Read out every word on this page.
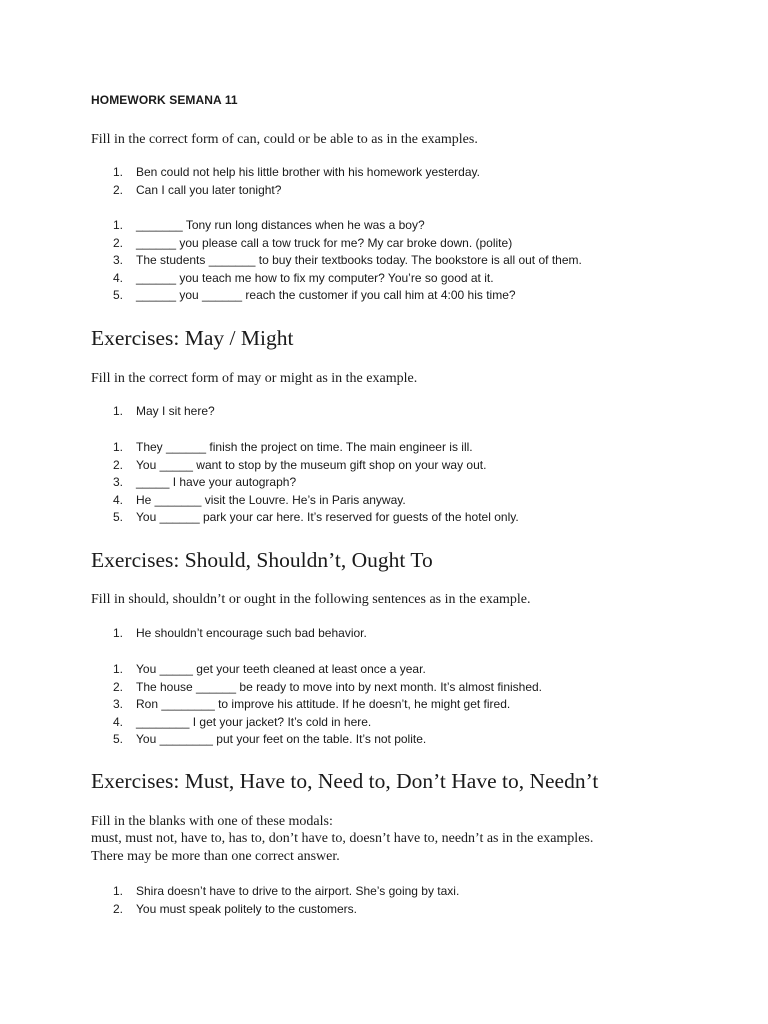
HOMEWORK SEMANA 11
Fill in the correct form of can, could or be able to as in the examples.
1. Ben could not help his little brother with his homework yesterday.
2. Can I call you later tonight?
1. _______ Tony run long distances when he was a boy?
2. ______ you please call a tow truck for me? My car broke down. (polite)
3. The students _______ to buy their textbooks today. The bookstore is all out of them.
4. ______ you teach me how to fix my computer? You’re so good at it.
5. ______ you ______ reach the customer if you call him at 4:00 his time?
Exercises: May / Might
Fill in the correct form of may or might as in the example.
1. May I sit here?
1. They ______ finish the project on time. The main engineer is ill.
2. You _____ want to stop by the museum gift shop on your way out.
3. _____ I have your autograph?
4. He _______ visit the Louvre. He’s in Paris anyway.
5. You ______ park your car here. It’s reserved for guests of the hotel only.
Exercises: Should, Shouldn’t, Ought To
Fill in should, shouldn’t or ought in the following sentences as in the example.
1. He shouldn’t encourage such bad behavior.
1. You _____ get your teeth cleaned at least once a year.
2. The house ______ be ready to move into by next month. It’s almost finished.
3. Ron ________ to improve his attitude. If he doesn’t, he might get fired.
4. ________ I get your jacket? It’s cold in here.
5. You ________ put your feet on the table. It’s not polite.
Exercises: Must, Have to, Need to, Don’t Have to, Needn’t
Fill in the blanks with one of these modals:
must, must not, have to, has to, don’t have to, doesn’t have to, needn’t as in the examples.
There may be more than one correct answer.
1. Shira doesn’t have to drive to the airport. She’s going by taxi.
2. You must speak politely to the customers.
